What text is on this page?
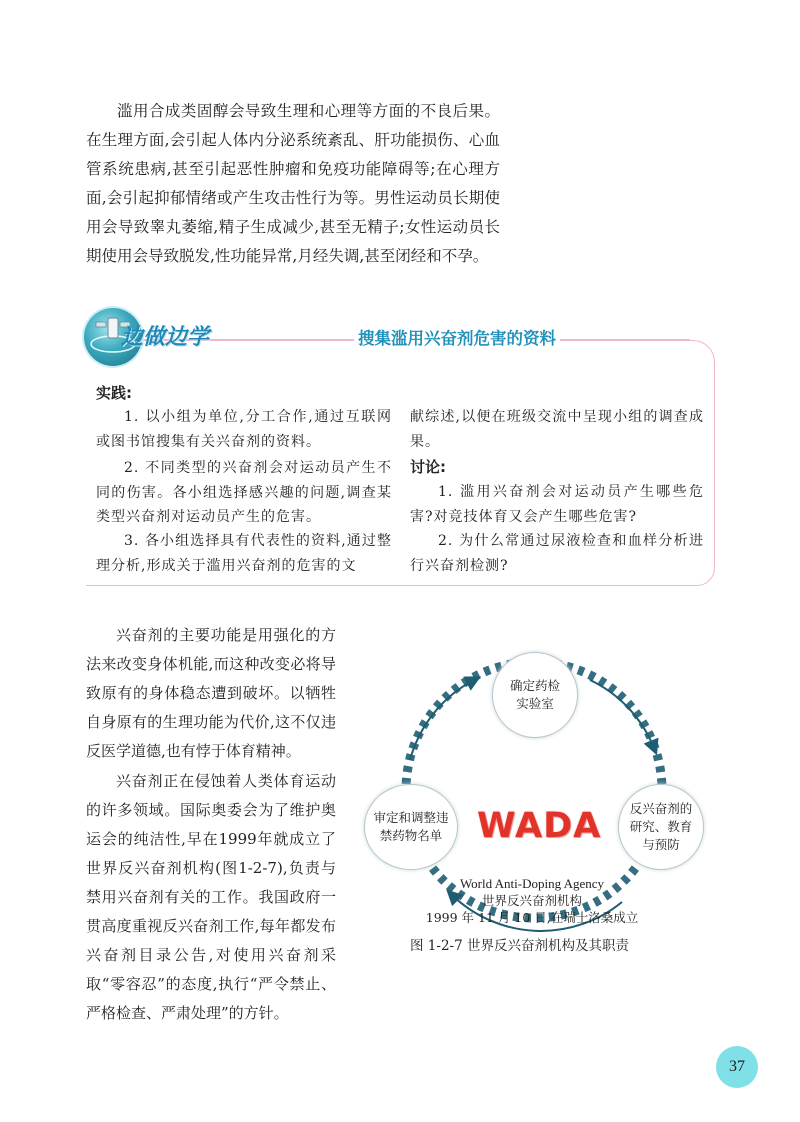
滥用合成类固醇会导致生理和心理等方面的不良后果。在生理方面,会引起人体内分泌系统紊乱、肝功能损伤、心血管系统患病,甚至引起恶性肿瘤和免疫功能障碍等;在心理方面,会引起抑郁情绪或产生攻击性行为等。男性运动员长期使用会导致睾丸萎缩,精子生成减少,甚至无精子;女性运动员长期使用会导致脱发,性功能异常,月经失调,甚至闭经和不孕。

边做边学	搜集滥用兴奋剂危害的资料
实践:

1. 以小组为单位,分工合作,通过互联网或图书馆搜集有关兴奋剂的资料。

2. 不同类型的兴奋剂会对运动员产生不同的伤害。各小组选择感兴趣的问题,调查某类型兴奋剂对运动员产生的危害。

3. 各小组选择具有代表性的资料,通过整理分析,形成关于滥用兴奋剂的危害的文

献综述,以便在班级交流中呈现小组的调查成果。

讨论:

1. 滥用兴奋剂会对运动员产生哪些危害?对竞技体育又会产生哪些危害?

2. 为什么常通过尿液检查和血样分析进行兴奋剂检测?

兴奋剂的主要功能是用强化的方法来改变身体机能,而这种改变必将导致原有的身体稳态遭到破坏。以牺牲自身原有的生理功能为代价,这不仅违反医学道德,也有悖于体育精神。

兴奋剂正在侵蚀着人类体育运动的许多领域。国际奥委会为了维护奥运会的纯洁性,早在1999年就成立了世界反兴奋剂机构(图1-2-7),负责与禁用兴奋剂有关的工作。我国政府一贯高度重视反兴奋剂工作,每年都发布兴奋剂目录公告,对使用兴奋剂采取“零容忍”的态度,执行“严令禁止、严格检查、严肃处理”的方针。

确定药检
实验室
审定和调整违
禁药物名单
反兴奋剂的
研究、教育
与预防
WADA
World Anti-Doping Agency
世界反兴奋剂机构
1999 年 11 月 10 日,在瑞士洛桑成立
图 1-2-7 世界反兴奋剂机构及其职责
37
